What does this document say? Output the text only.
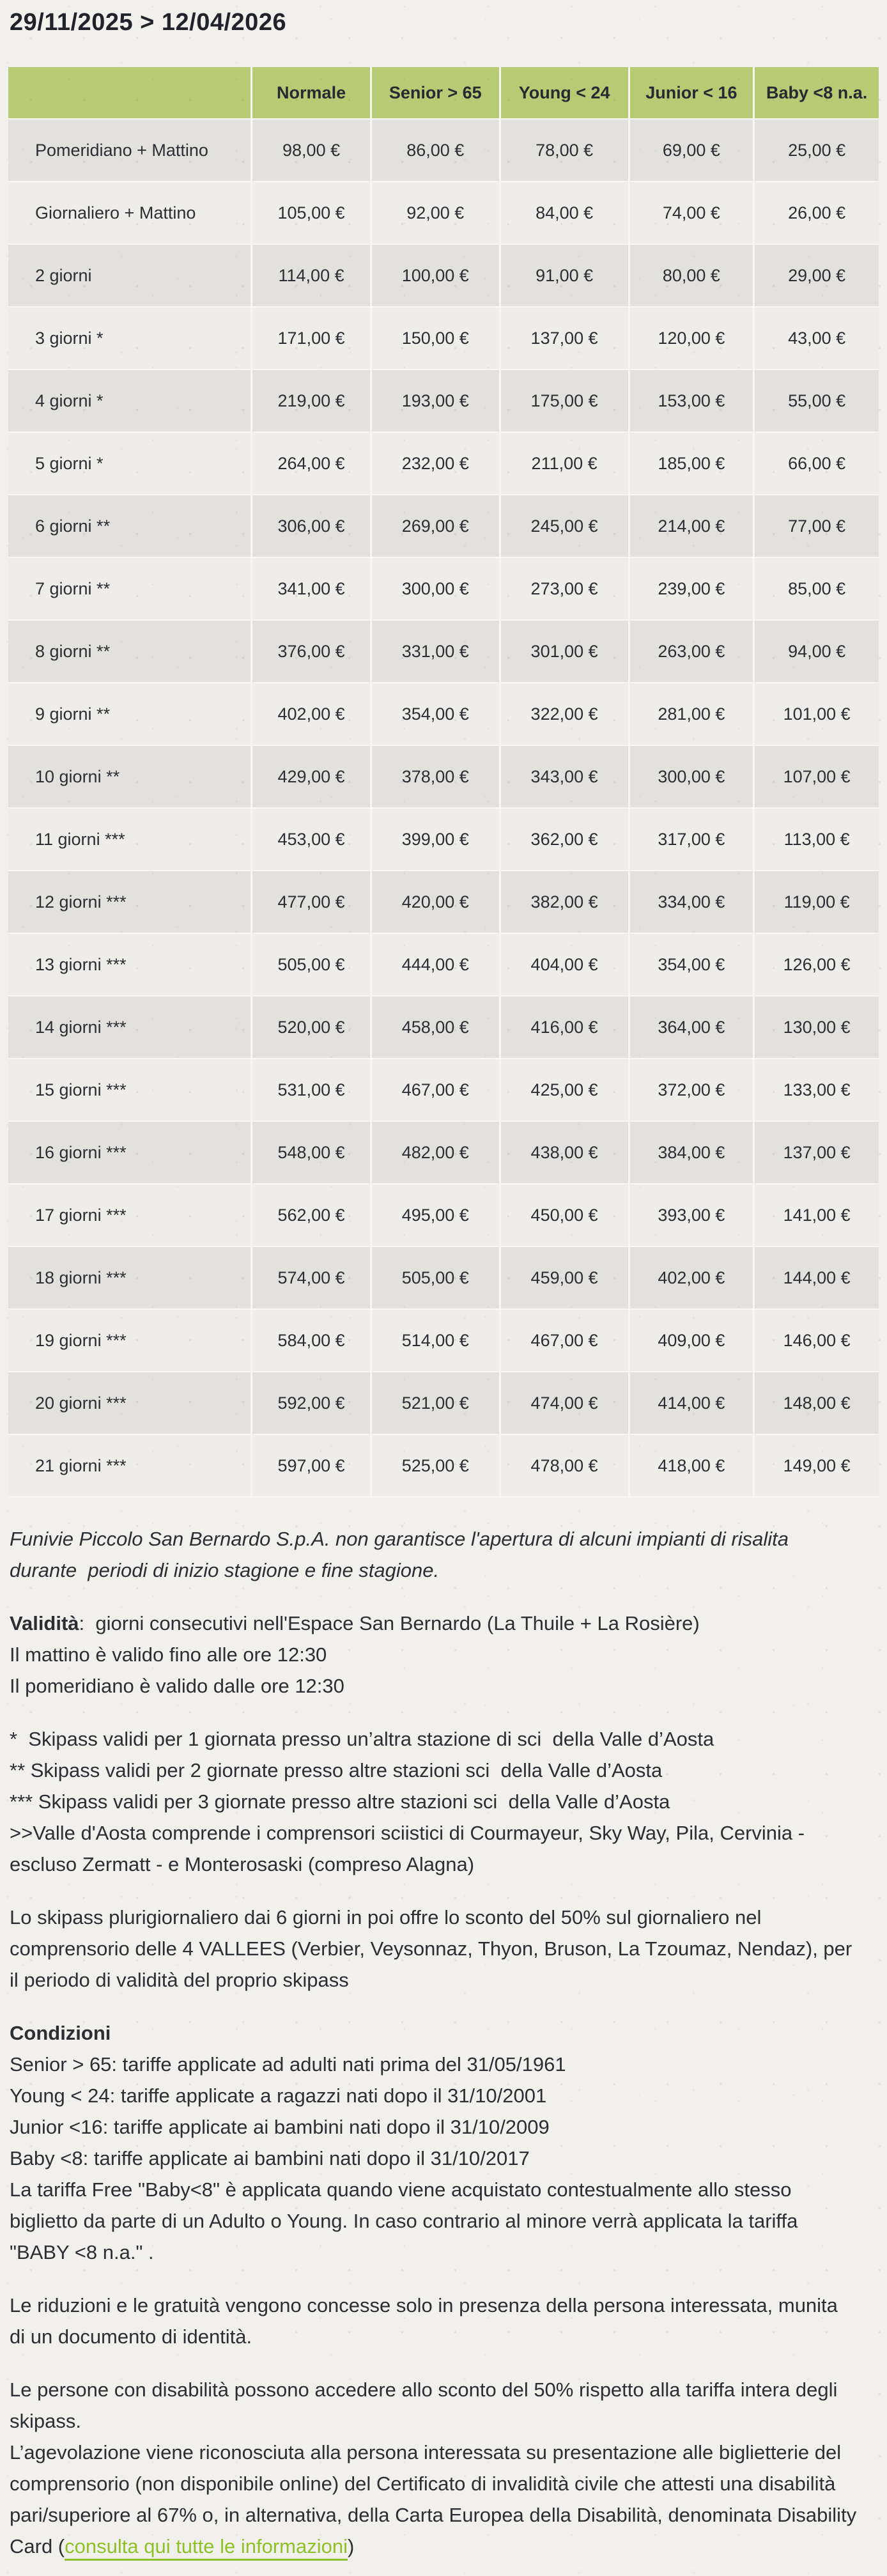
29/11/2025 > 12/04/2026
	Normale	Senior > 65	Young < 24	Junior < 16	Baby <8 n.a.
Pomeridiano + Mattino	98,00 €	86,00 €	78,00 €	69,00 €	25,00 €
Giornaliero + Mattino	105,00 €	92,00 €	84,00 €	74,00 €	26,00 €
2 giorni	114,00 €	100,00 €	91,00 €	80,00 €	29,00 €
3 giorni *	171,00 €	150,00 €	137,00 €	120,00 €	43,00 €
4 giorni *	219,00 €	193,00 €	175,00 €	153,00 €	55,00 €
5 giorni *	264,00 €	232,00 €	211,00 €	185,00 €	66,00 €
6 giorni **	306,00 €	269,00 €	245,00 €	214,00 €	77,00 €
7 giorni **	341,00 €	300,00 €	273,00 €	239,00 €	85,00 €
8 giorni **	376,00 €	331,00 €	301,00 €	263,00 €	94,00 €
9 giorni **	402,00 €	354,00 €	322,00 €	281,00 €	101,00 €
10 giorni **	429,00 €	378,00 €	343,00 €	300,00 €	107,00 €
11 giorni ***	453,00 €	399,00 €	362,00 €	317,00 €	113,00 €
12 giorni ***	477,00 €	420,00 €	382,00 €	334,00 €	119,00 €
13 giorni ***	505,00 €	444,00 €	404,00 €	354,00 €	126,00 €
14 giorni ***	520,00 €	458,00 €	416,00 €	364,00 €	130,00 €
15 giorni ***	531,00 €	467,00 €	425,00 €	372,00 €	133,00 €
16 giorni ***	548,00 €	482,00 €	438,00 €	384,00 €	137,00 €
17 giorni ***	562,00 €	495,00 €	450,00 €	393,00 €	141,00 €
18 giorni ***	574,00 €	505,00 €	459,00 €	402,00 €	144,00 €
19 giorni ***	584,00 €	514,00 €	467,00 €	409,00 €	146,00 €
20 giorni ***	592,00 €	521,00 €	474,00 €	414,00 €	148,00 €
21 giorni ***	597,00 €	525,00 €	478,00 €	418,00 €	149,00 €
Funivie Piccolo San Bernardo S.p.A. non garantisce l'apertura di alcuni impianti di risalita
durante  periodi di inizio stagione e fine stagione.
Validità:  giorni consecutivi nell'Espace San Bernardo (La Thuile + La Rosière)
Il mattino è valido fino alle ore 12:30
Il pomeridiano è valido dalle ore 12:30
*  Skipass validi per 1 giornata presso un’altra stazione di sci  della Valle d’Aosta
** Skipass validi per 2 giornate presso altre stazioni sci  della Valle d’Aosta
*** Skipass validi per 3 giornate presso altre stazioni sci  della Valle d’Aosta
>>Valle d'Aosta comprende i comprensori sciistici di Courmayeur, Sky Way, Pila, Cervinia -
escluso Zermatt - e Monterosaski (compreso Alagna)
Lo skipass plurigiornaliero dai 6 giorni in poi offre lo sconto del 50% sul giornaliero nel
comprensorio delle 4 VALLEES (Verbier, Veysonnaz, Thyon, Bruson, La Tzoumaz, Nendaz), per
il periodo di validità del proprio skipass
Condizioni
Senior > 65: tariffe applicate ad adulti nati prima del 31/05/1961
Young < 24: tariffe applicate a ragazzi nati dopo il 31/10/2001
Junior <16: tariffe applicate ai bambini nati dopo il 31/10/2009
Baby <8: tariffe applicate ai bambini nati dopo il 31/10/2017
La tariffa Free "Baby<8" è applicata quando viene acquistato contestualmente allo stesso
biglietto da parte di un Adulto o Young. In caso contrario al minore verrà applicata la tariffa
"BABY <8 n.a." .
Le riduzioni e le gratuità vengono concesse solo in presenza della persona interessata, munita
di un documento di identità.
Le persone con disabilità possono accedere allo sconto del 50% rispetto alla tariffa intera degli
skipass.
L’agevolazione viene riconosciuta alla persona interessata su presentazione alle biglietterie del
comprensorio (non disponibile online) del Certificato di invalidità civile che attesti una disabilità
pari/superiore al 67% o, in alternativa, della Carta Europea della Disabilità, denominata Disability
Card (consulta qui tutte le informazioni)
